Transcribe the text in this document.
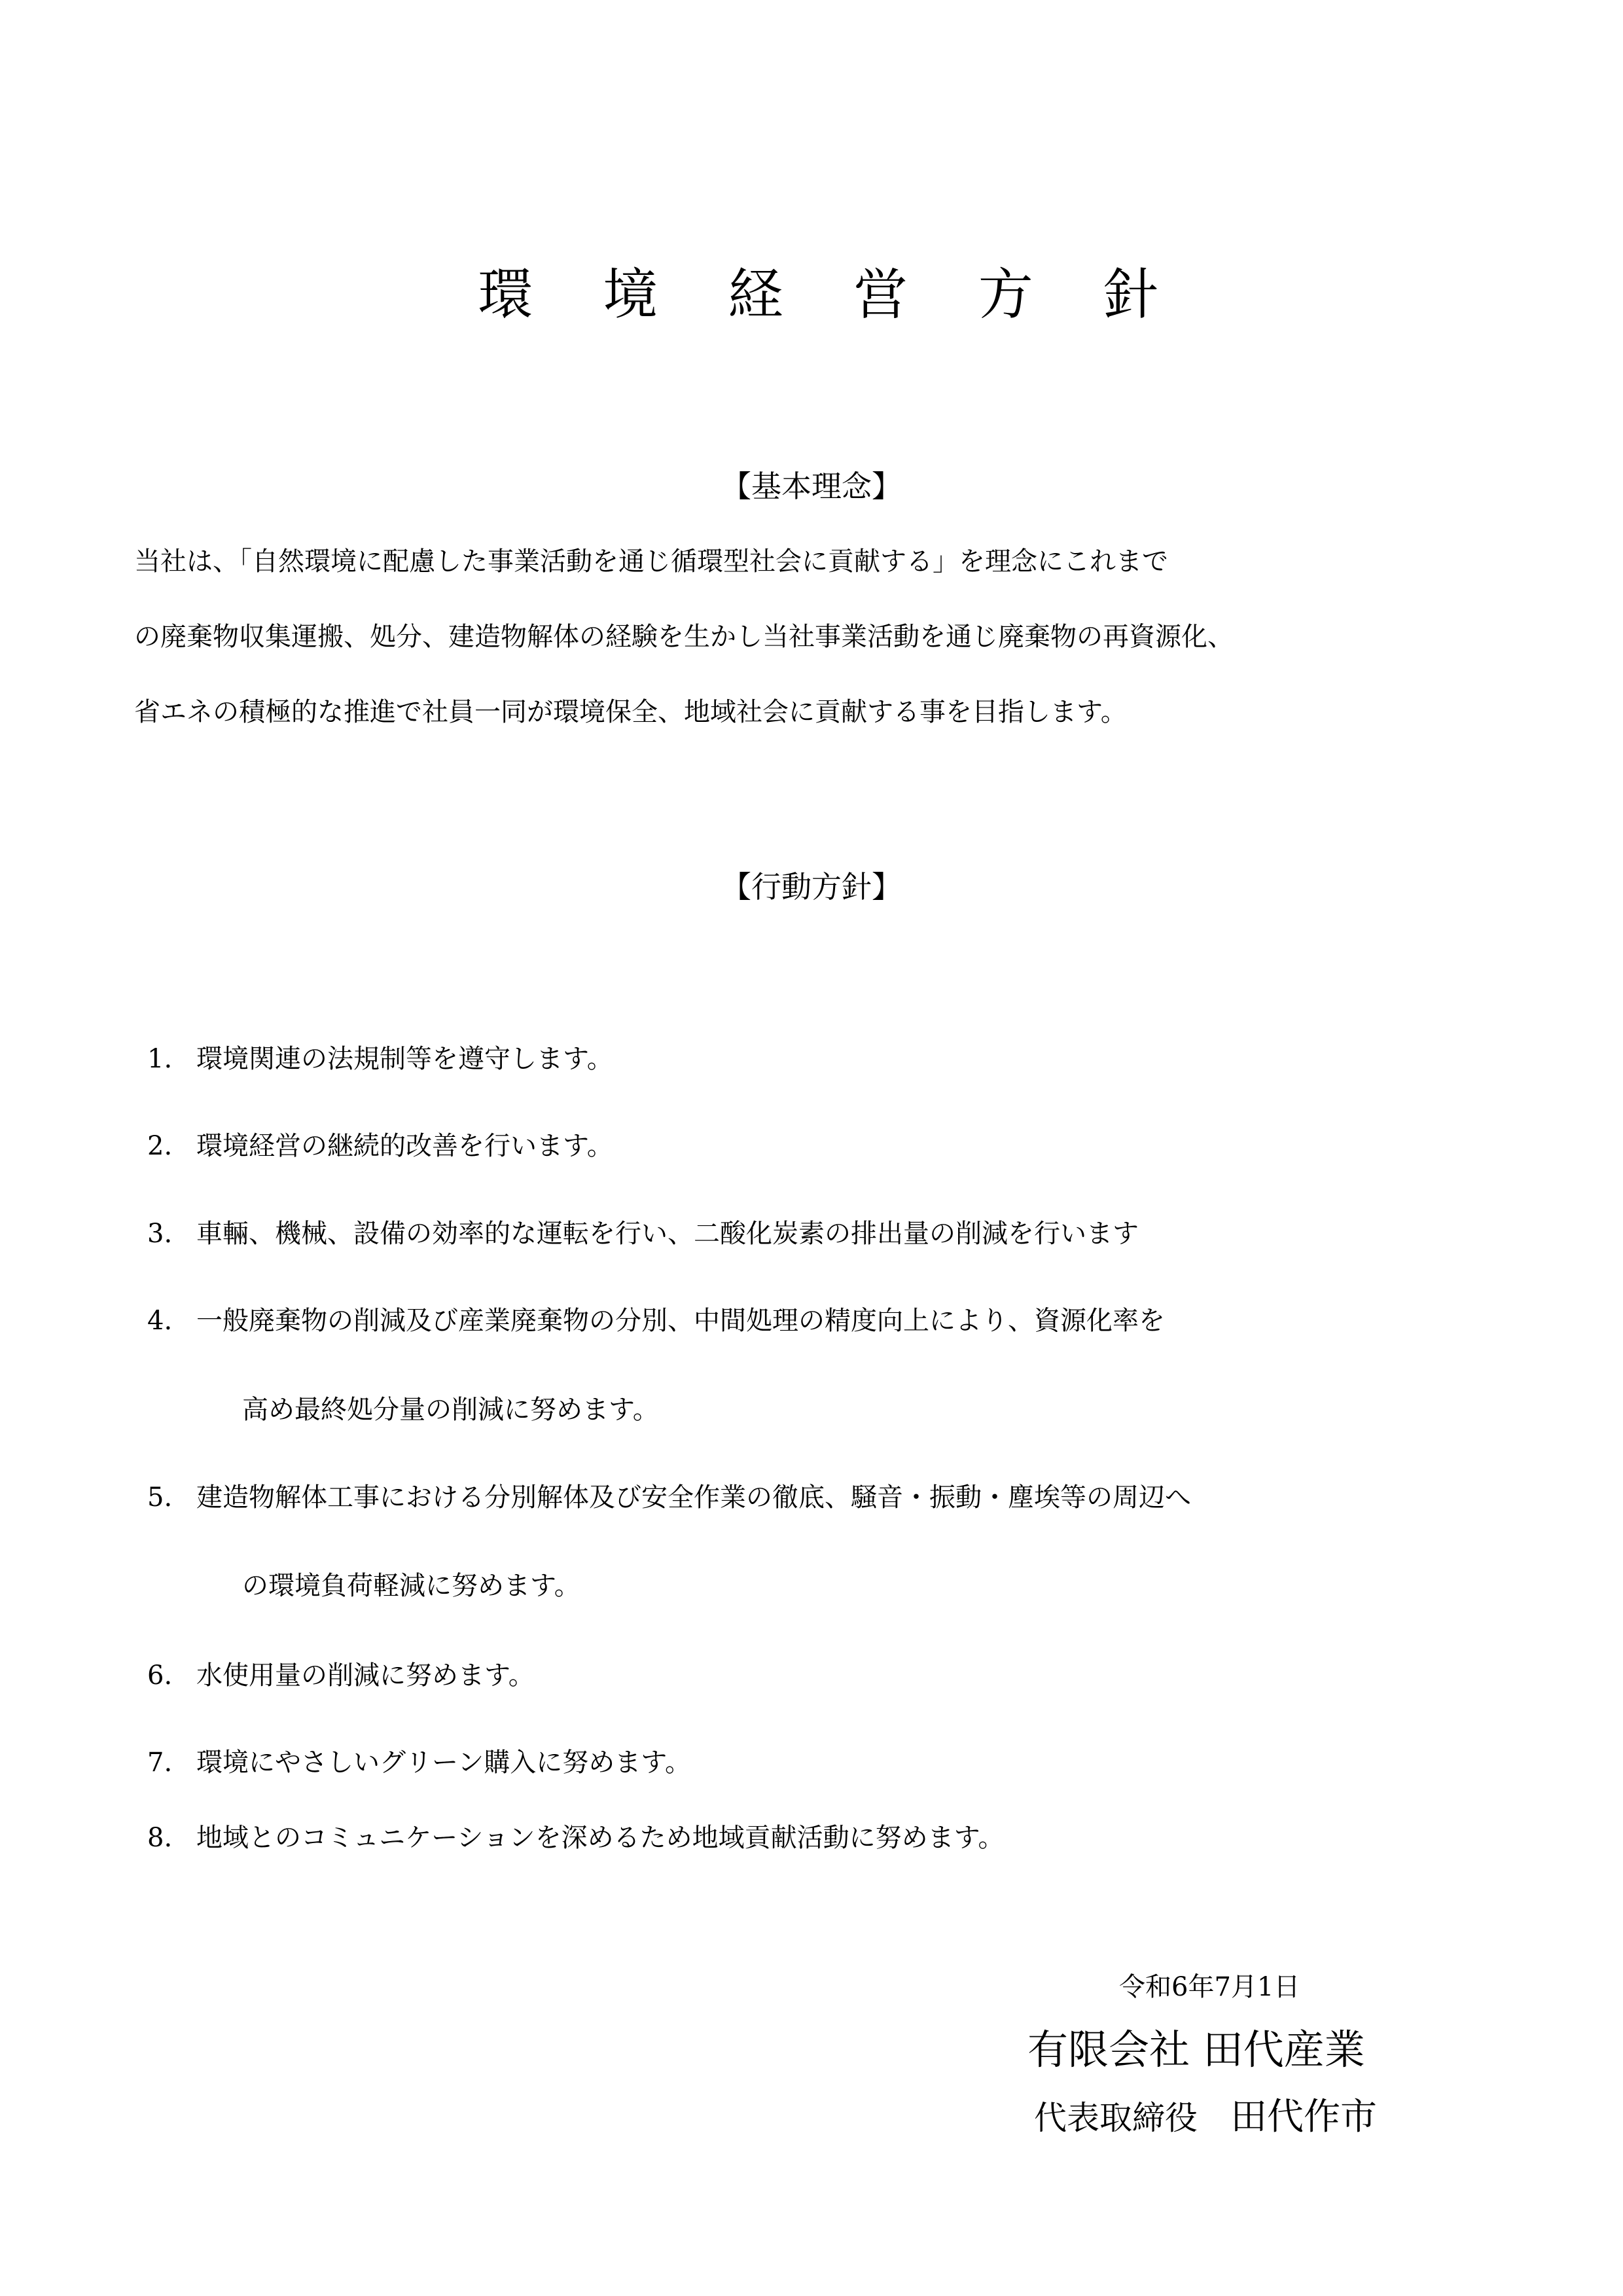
環 境 経 営 方 針
【基本理念】
当社は、「自然環境に配慮した事業活動を通じ循環型社会に貢献する」を理念にこれまで
の廃棄物収集運搬、処分、建造物解体の経験を生かし当社事業活動を通じ廃棄物の再資源化、
省エネの積極的な推進で社員一同が環境保全、地域社会に貢献する事を目指します。
【行動方針】
1. 環境関連の法規制等を遵守します。
2. 環境経営の継続的改善を行います。
3. 車輛、機械、設備の効率的な運転を行い、二酸化炭素の排出量の削減を行います
4. 一般廃棄物の削減及び産業廃棄物の分別、中間処理の精度向上により、資源化率を
高め最終処分量の削減に努めます。
5. 建造物解体工事における分別解体及び安全作業の徹底、騒音・振動・塵埃等の周辺へ
の環境負荷軽減に努めます。
6. 水使用量の削減に努めます。
7. 環境にやさしいグリーン購入に努めます。
8. 地域とのコミュニケーションを深めるため地域貢献活動に努めます。
令和6年7月1日
有限会社 田代産業
代表取締役 田代作市
